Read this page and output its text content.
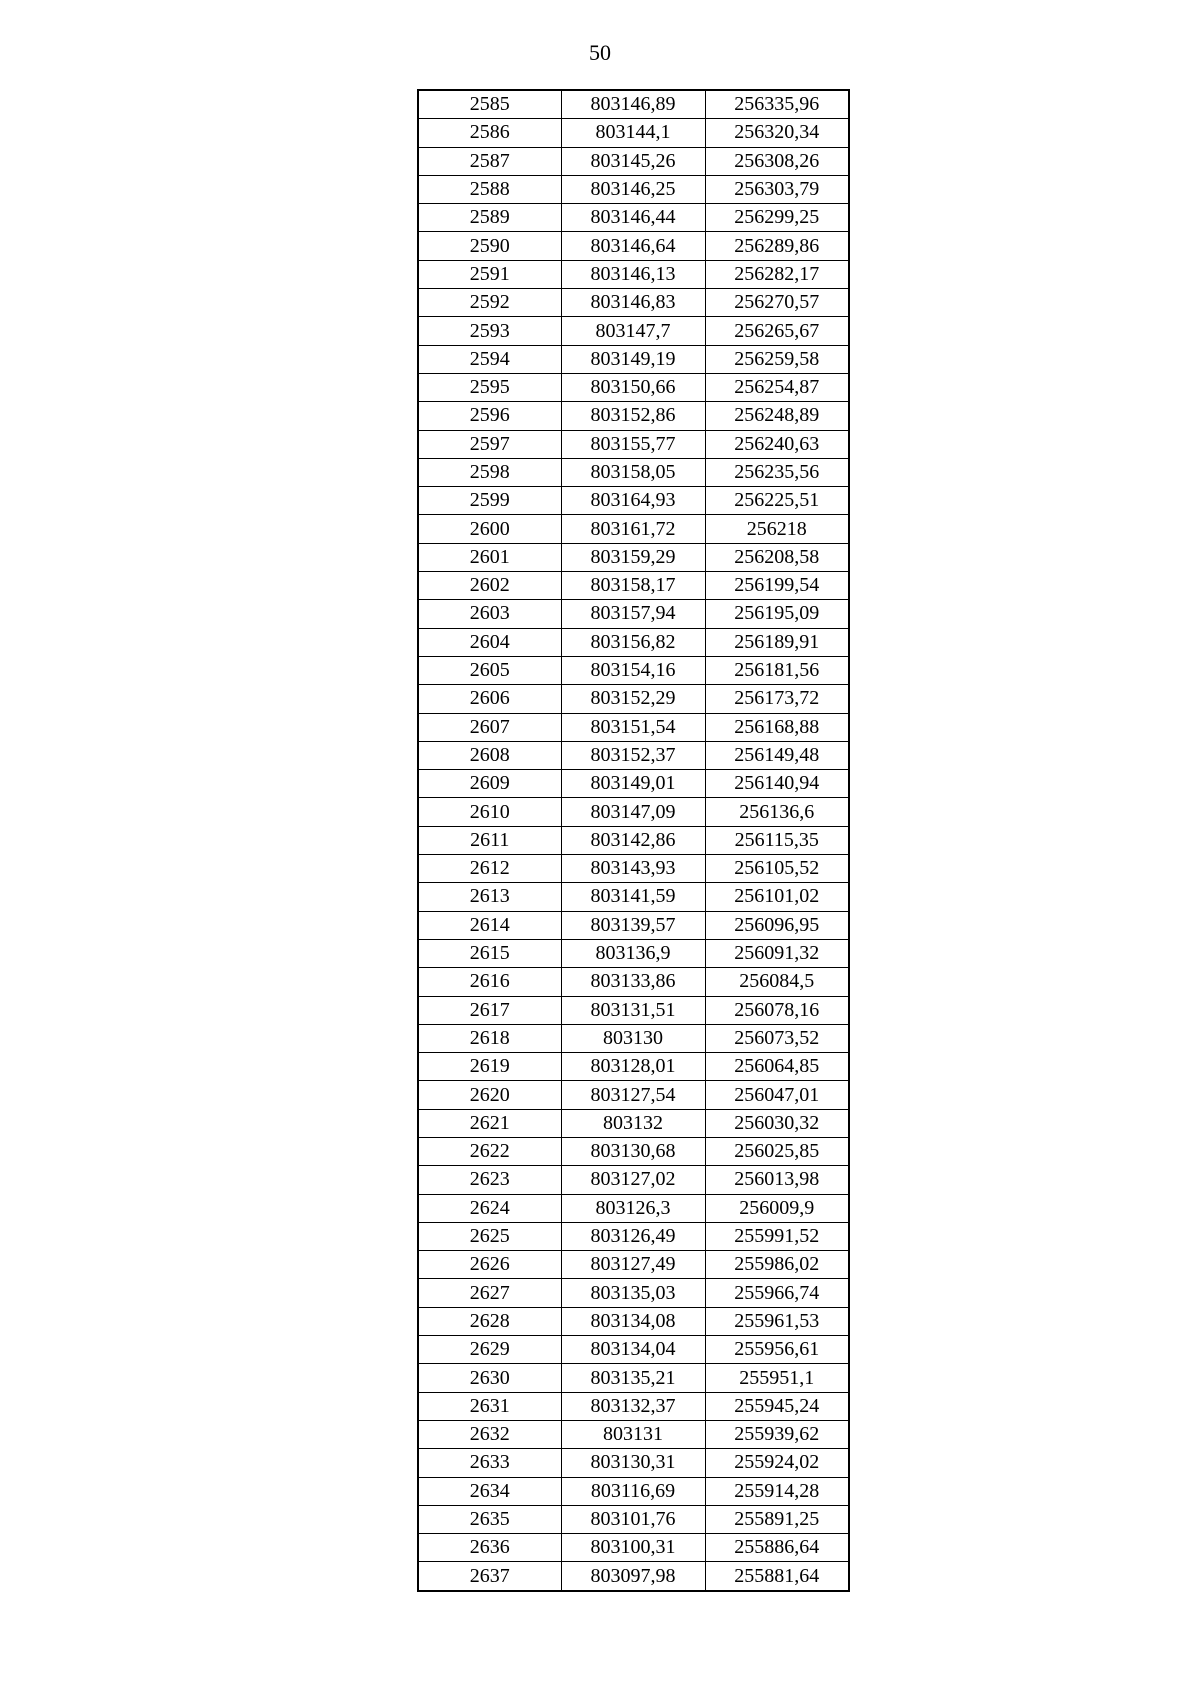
50
2585	803146,89	256335,96
2586	803144,1	256320,34
2587	803145,26	256308,26
2588	803146,25	256303,79
2589	803146,44	256299,25
2590	803146,64	256289,86
2591	803146,13	256282,17
2592	803146,83	256270,57
2593	803147,7	256265,67
2594	803149,19	256259,58
2595	803150,66	256254,87
2596	803152,86	256248,89
2597	803155,77	256240,63
2598	803158,05	256235,56
2599	803164,93	256225,51
2600	803161,72	256218
2601	803159,29	256208,58
2602	803158,17	256199,54
2603	803157,94	256195,09
2604	803156,82	256189,91
2605	803154,16	256181,56
2606	803152,29	256173,72
2607	803151,54	256168,88
2608	803152,37	256149,48
2609	803149,01	256140,94
2610	803147,09	256136,6
2611	803142,86	256115,35
2612	803143,93	256105,52
2613	803141,59	256101,02
2614	803139,57	256096,95
2615	803136,9	256091,32
2616	803133,86	256084,5
2617	803131,51	256078,16
2618	803130	256073,52
2619	803128,01	256064,85
2620	803127,54	256047,01
2621	803132	256030,32
2622	803130,68	256025,85
2623	803127,02	256013,98
2624	803126,3	256009,9
2625	803126,49	255991,52
2626	803127,49	255986,02
2627	803135,03	255966,74
2628	803134,08	255961,53
2629	803134,04	255956,61
2630	803135,21	255951,1
2631	803132,37	255945,24
2632	803131	255939,62
2633	803130,31	255924,02
2634	803116,69	255914,28
2635	803101,76	255891,25
2636	803100,31	255886,64
2637	803097,98	255881,64
